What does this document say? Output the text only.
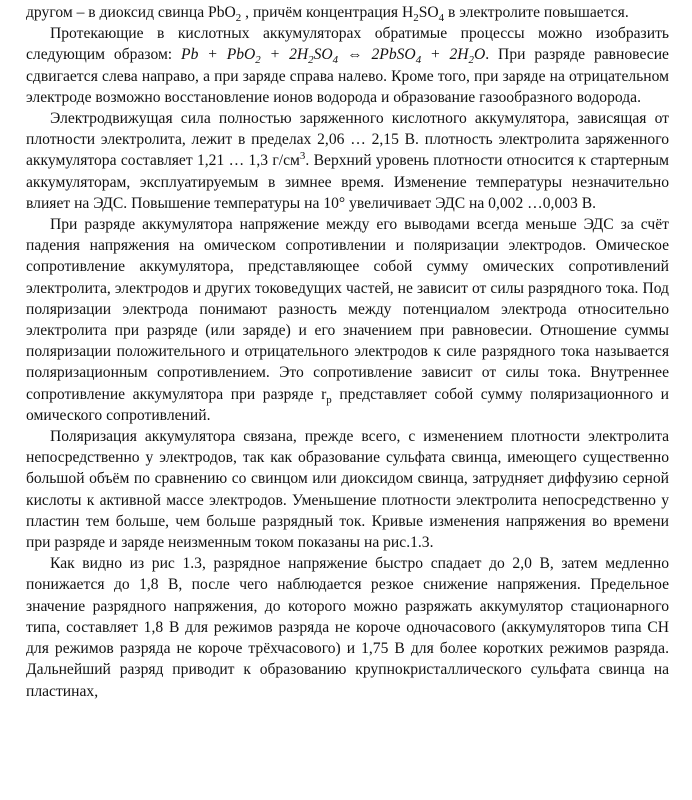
другом – в диоксид свинца PbO$_2$ , причём концентрация $H_2SO_4$ в электролите повышается.

Протекающие в кислотных аккумуляторах обратимые процессы можно изобразить следующим образом: $Pb + PbO_2 + 2H_2SO_4$ ⇔ 2PbSO$_4$ + $2H_2O$. При разряде равновесие сдвигается слева направо, а при заряде справа налево. Кроме того, при заряде на отрицательном электроде возможно восстановление ионов водорода и образование газообразного водорода.

Электродвижущая сила полностью заряженного кислотного аккумулятора, зависящая от плотности электролита, лежит в пределах 2,06 … 2,15 В. плотность электролита заряженного аккумулятора составляет 1,21 … 1,3 $г/см^3$. Верхний уровень плотности относится к стартерным аккумуляторам, эксплуатируемым в зимнее время. Изменение температуры незначительно влияет на ЭДС. Повышение температуры на 10° увеличивает ЭДС на 0,002 …0,003 В.

При разряде аккумулятора напряжение между его выводами всегда меньше ЭДС за счёт падения напряжения на омическом сопротивлении и поляризации электродов. Омическое сопротивление аккумулятора, представляющее собой сумму омических сопротивлений электролита, электродов и других токоведущих частей, не зависит от силы разрядного тока. Под поляризации электрода понимают разность между потенциалом электрода относительно электролита при разряде (или заряде) и его значением при равновесии. Отношение суммы поляризации положительного и отрицательного электродов к силе разрядного тока называется поляризационным сопротивлением. Это сопротивление зависит от силы тока. Внутреннее сопротивление аккумулятора при разряде $r_р$ представляет собой сумму поляризационного и омического сопротивлений.

Поляризация аккумулятора связана, прежде всего, с изменением плотности электролита непосредственно у электродов, так как образование сульфата свинца, имеющего существенно большой объём по сравнению со свинцом или диоксидом свинца, затрудняет диффузию серной кислоты к активной массе электродов. Уменьшение плотности электролита непосредственно у пластин тем больше, чем больше разрядный ток. Кривые изменения напряжения во времени при разряде и заряде неизменным током показаны на рис.1.3.

Как видно из рис 1.3, разрядное напряжение быстро спадает до 2,0 В, затем медленно понижается до 1,8 В, после чего наблюдается резкое снижение напряжения. Предельное значение разрядного напряжения, до которого можно разряжать аккумулятор стационарного типа, составляет 1,8 В для режимов разряда не короче одночасового (аккумуляторов типа СН для режимов разряда не короче трёхчасового) и 1,75 В для более коротких режимов разряда. Дальнейший разряд приводит к образованию крупнокристаллического сульфата свинца на пластинах,
